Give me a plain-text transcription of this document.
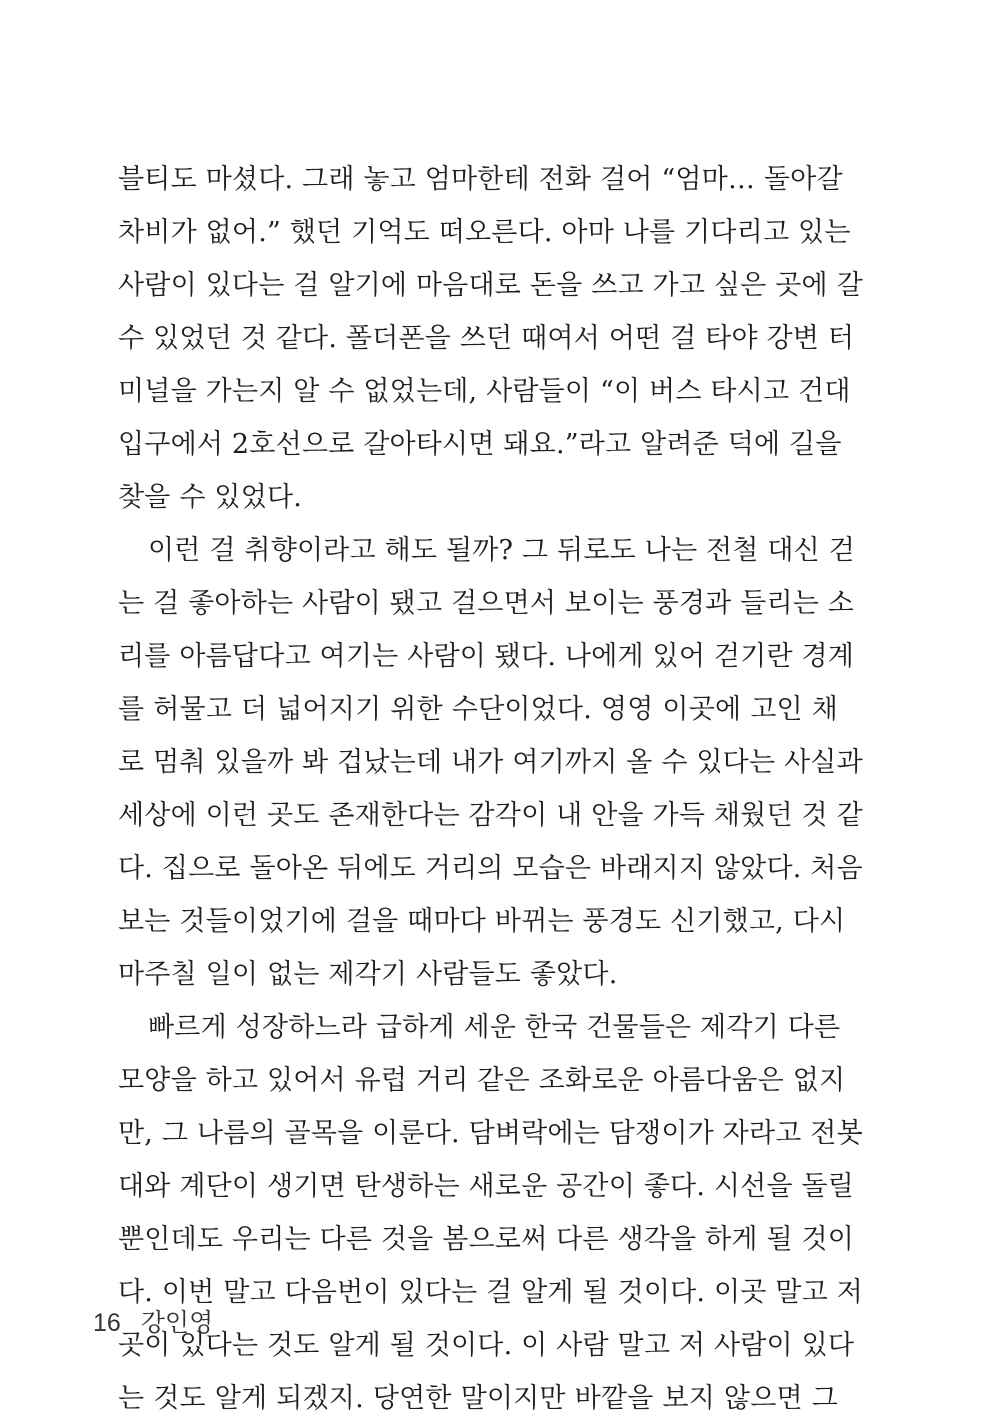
블티도 마셨다. 그래 놓고 엄마한테 전화 걸어 “엄마… 돌아갈
차비가 없어.” 했던 기억도 떠오른다. 아마 나를 기다리고 있는
사람이 있다는 걸 알기에 마음대로 돈을 쓰고 가고 싶은 곳에 갈
수 있었던 것 같다. 폴더폰을 쓰던 때여서 어떤 걸 타야 강변 터
미널을 가는지 알 수 없었는데, 사람들이 “이 버스 타시고 건대
입구에서 2호선으로 갈아타시면 돼요.”라고 알려준 덕에 길을
찾을 수 있었다.
이런 걸 취향이라고 해도 될까? 그 뒤로도 나는 전철 대신 걷
는 걸 좋아하는 사람이 됐고 걸으면서 보이는 풍경과 들리는 소
리를 아름답다고 여기는 사람이 됐다. 나에게 있어 걷기란 경계
를 허물고 더 넓어지기 위한 수단이었다. 영영 이곳에 고인 채
로 멈춰 있을까 봐 겁났는데 내가 여기까지 올 수 있다는 사실과
세상에 이런 곳도 존재한다는 감각이 내 안을 가득 채웠던 것 같
다. 집으로 돌아온 뒤에도 거리의 모습은 바래지지 않았다. 처음
보는 것들이었기에 걸을 때마다 바뀌는 풍경도 신기했고, 다시
마주칠 일이 없는 제각기 사람들도 좋았다.
빠르게 성장하느라 급하게 세운 한국 건물들은 제각기 다른
모양을 하고 있어서 유럽 거리 같은 조화로운 아름다움은 없지
만, 그 나름의 골목을 이룬다. 담벼락에는 담쟁이가 자라고 전봇
대와 계단이 생기면 탄생하는 새로운 공간이 좋다. 시선을 돌릴
뿐인데도 우리는 다른 것을 봄으로써 다른 생각을 하게 될 것이
다. 이번 말고 다음번이 있다는 걸 알게 될 것이다. 이곳 말고 저
곳이 있다는 것도 알게 될 것이다. 이 사람 말고 저 사람이 있다
는 것도 알게 되겠지. 당연한 말이지만 바깥을 보지 않으면 그
16 강인영
